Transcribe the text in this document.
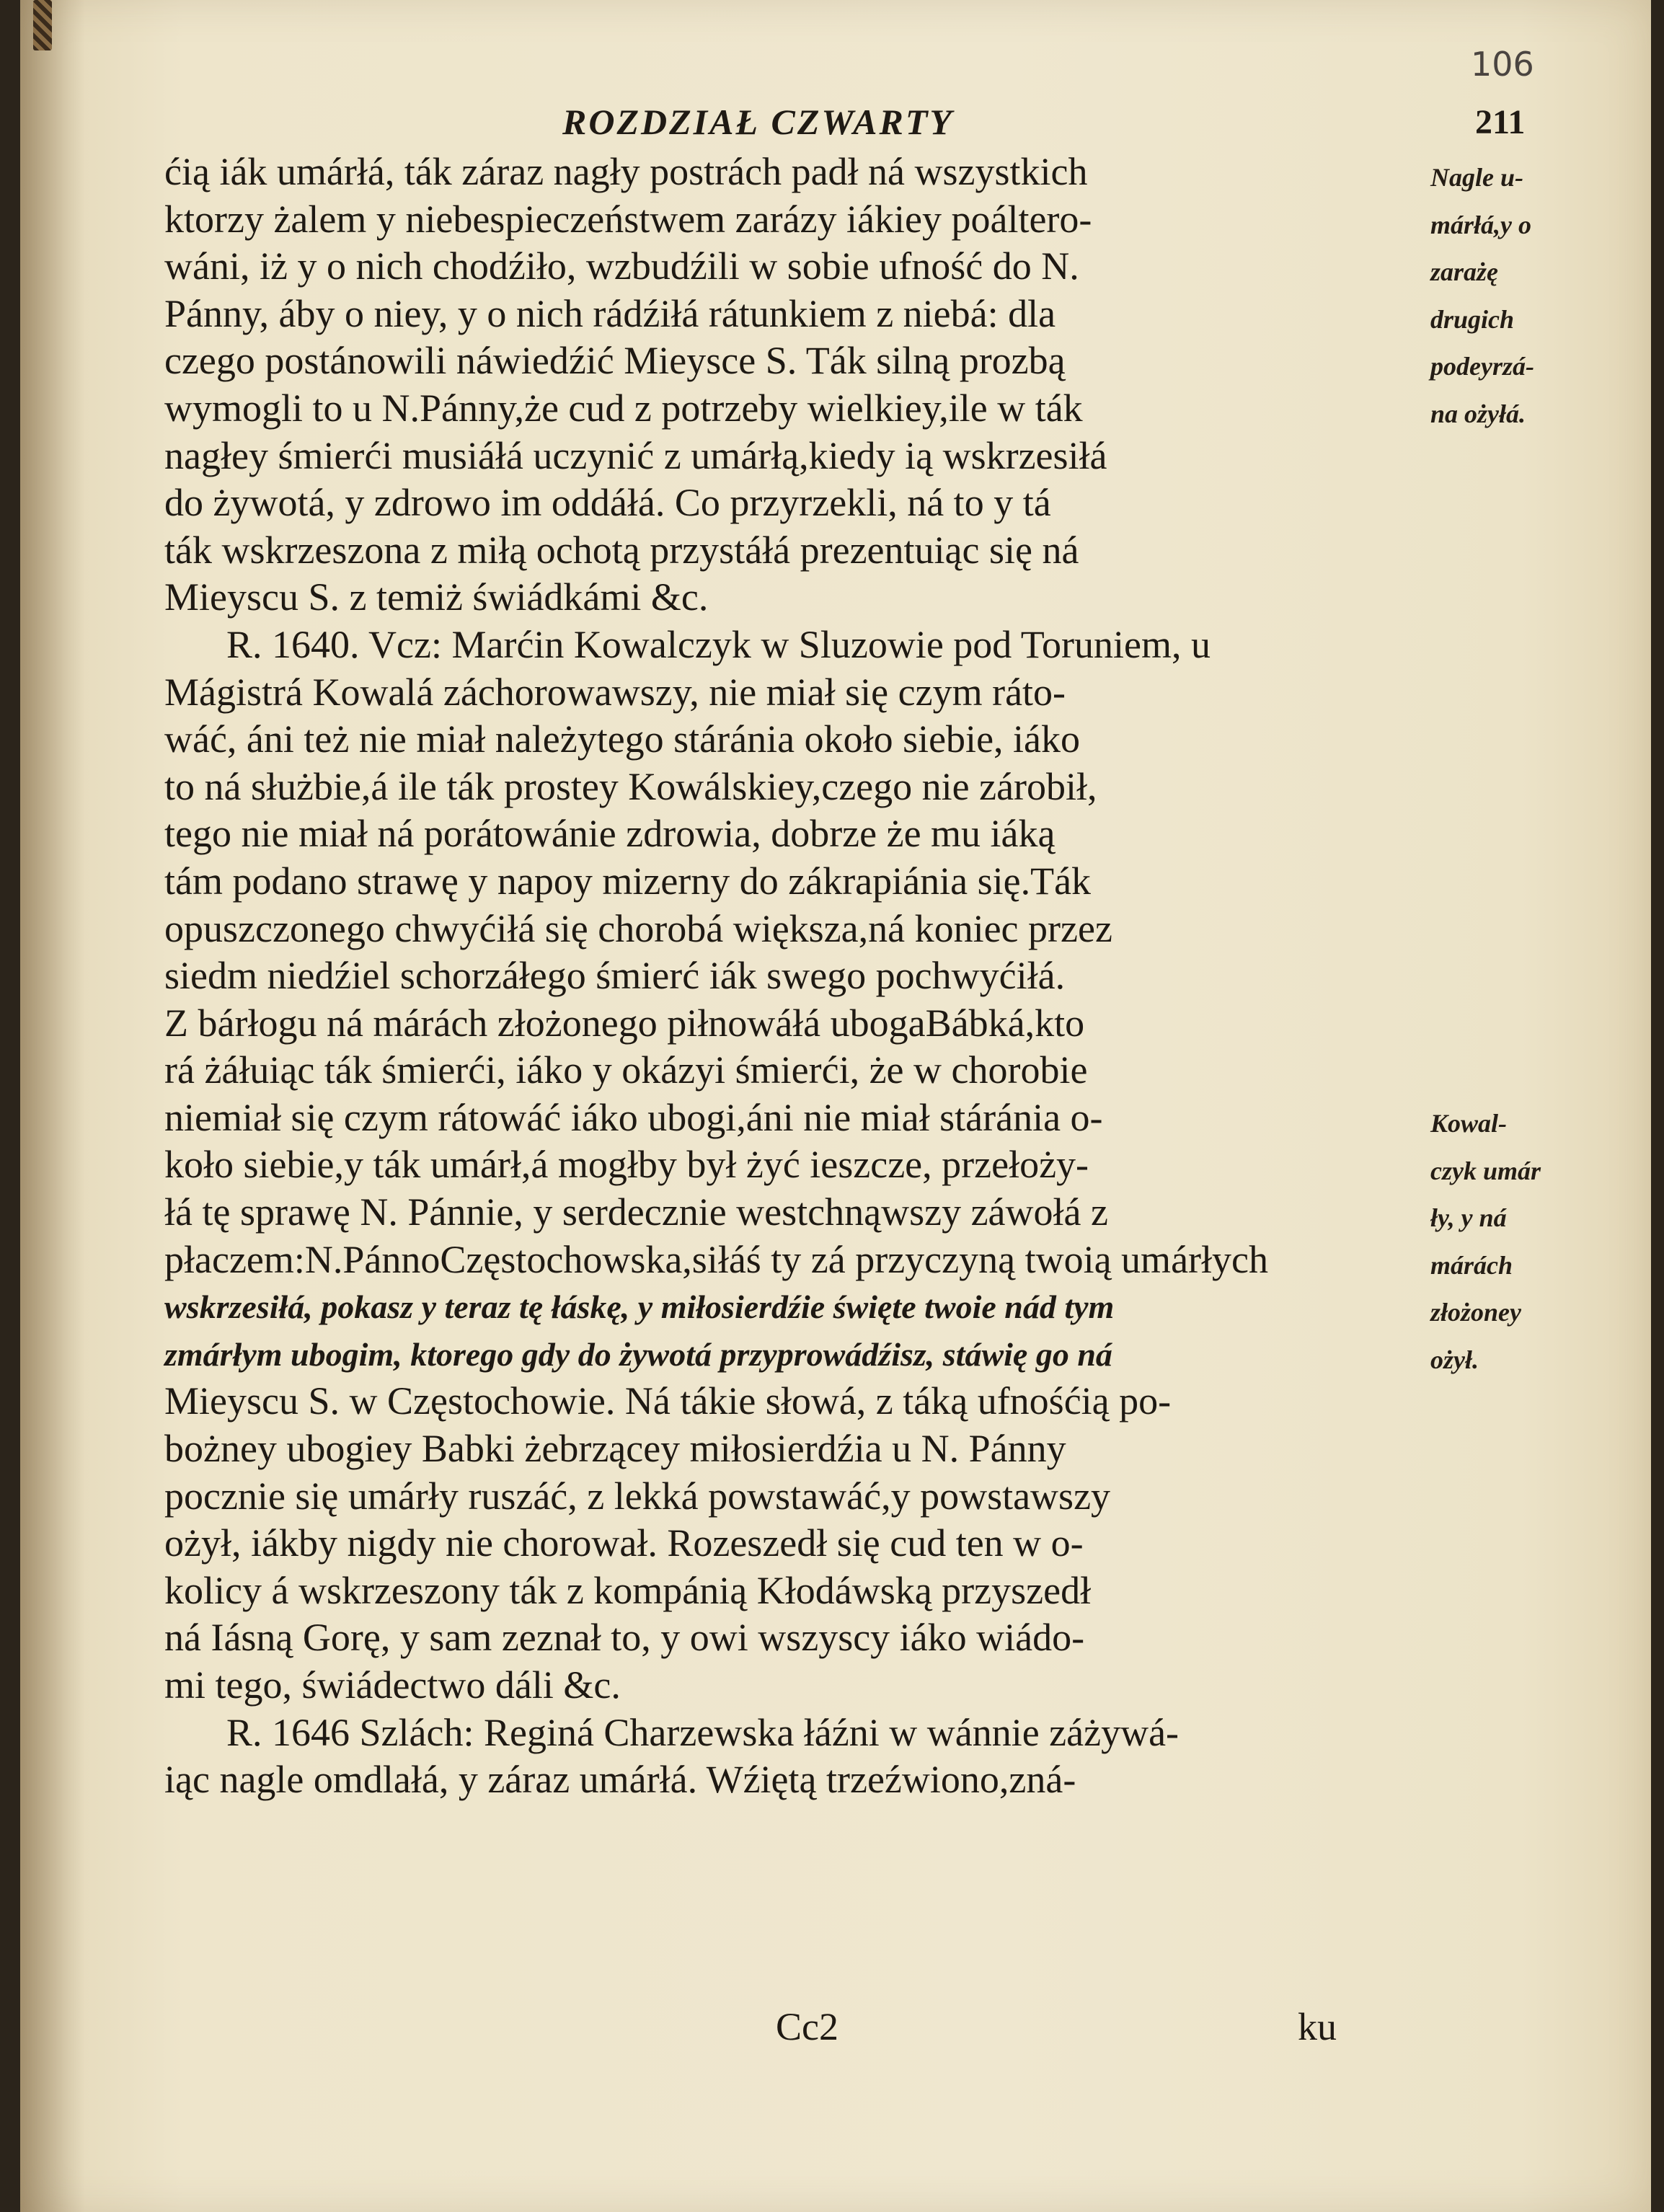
106
ROZDZIAŁ CZWARTY	211
ćią iák umárłá, ták záraz nagły postrách padł ná wszystkich
ktorzy żalem y niebespieczeństwem zarázy iákiey poáltero-
wáni, iż y o nich chodźiło, wzbudźili w sobie ufność do N.
Pánny, áby o niey, y o nich rádźiłá rátunkiem z niebá: dla
czego postánowili náwiedźić Mieysce S. Ták silną prozbą
wymogli to u N.Pánny,że cud z potrzeby wielkiey,ile w ták
nagłey śmierći musiáłá uczynić z umárłą,kiedy ią wskrzesiłá
do żywotá, y zdrowo im oddáłá. Co przyrzekli, ná to y tá
ták wskrzeszona z miłą ochotą przystáłá prezentuiąc się ná
Mieyscu S. z temiż świádkámi &c.
R. 1640. Vcz: Marćin Kowalczyk w Sluzowie pod Toruniem, u
Mágistrá Kowalá záchorowawszy, nie miał się czym ráto-
wáć, áni też nie miał należytego stáránia około siebie, iáko
to ná służbie,á ile ták prostey Kowálskiey,czego nie zárobił,
tego nie miał ná porátowánie zdrowia, dobrze że mu iáką
tám podano strawę y napoy mizerny do zákrapiánia się.Ták
opuszczonego chwyćiłá się chorobá większa,ná koniec przez
siedm niedźiel schorzáłego śmierć iák swego pochwyćiłá.
Z bárłogu ná márách złożonego piłnowáłá ubogaBábká,kto
rá żáłuiąc ták śmierći, iáko y okázyi śmierći, że w chorobie
niemiał się czym rátowáć iáko ubogi,áni nie miał stáránia o-
koło siebie,y ták umárł,á mogłby był żyć ieszcze, przełoży-
łá tę sprawę N. Pánnie, y serdecznie westchnąwszy záwołá z
płaczem:N.PánnoCzęstochowska,siłáś ty zá przyczyną twoią umárłych
wskrzesiłá, pokasz y teraz tę łáskę, y miłosierdźie święte twoie nád tym
zmárłym ubogim, ktorego gdy do żywotá przyprowádźisz, stáwię go ná
Mieyscu S. w Częstochowie. Ná tákie słowá, z táką ufnośćią po-
bożney ubogiey Babki żebrzącey miłosierdźia u N. Pánny
pocznie się umárły ruszáć, z lekká powstawáć,y powstawszy
ożył, iákby nigdy nie chorował. Rozeszedł się cud ten w o-
kolicy á wskrzeszony ták z kompánią Kłodáwską przyszedł
ná Iásną Gorę, y sam zeznał to, y owi wszyscy iáko wiádo-
mi tego, świádectwo dáli &c.
R. 1646 Szlách: Reginá Charzewska łáźni w wánnie záżywá-
iąc nagle omdlałá, y záraz umárłá. Wźiętą trzeźwiono,zná-
Nagle u-
márłá,y o
zarażę
drugich
podeyrzá-
na ożyłá.
Kowal-
czyk umár
ły, y ná
márách
złożoney
ożył.
Cc2	ku
